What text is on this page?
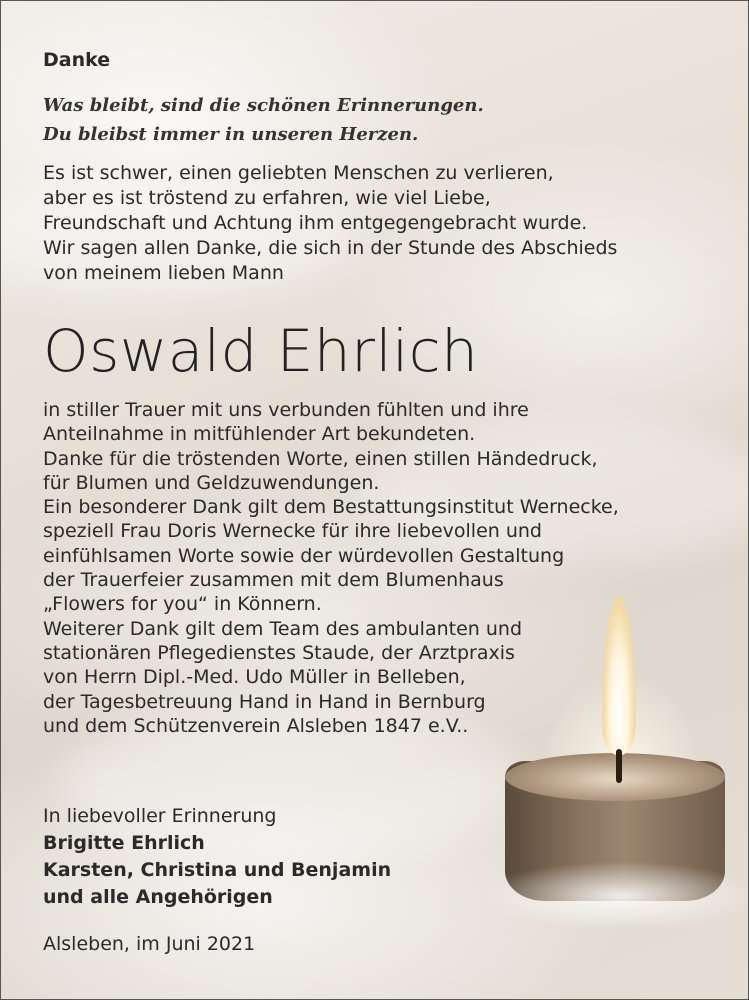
Danke
Was bleibt, sind die schönen Erinnerungen.
Du bleibst immer in unseren Herzen.
Es ist schwer, einen geliebten Menschen zu verlieren,
aber es ist tröstend zu erfahren, wie viel Liebe,
Freundschaft und Achtung ihm entgegengebracht wurde.
Wir sagen allen Danke, die sich in der Stunde des Abschieds
von meinem lieben Mann
Oswald Ehrlich
in stiller Trauer mit uns verbunden fühlten und ihre
Anteilnahme in mitfühlender Art bekundeten.
Danke für die tröstenden Worte, einen stillen Händedruck,
für Blumen und Geldzuwendungen.
Ein besonderer Dank gilt dem Bestattungsinstitut Wernecke,
speziell Frau Doris Wernecke für ihre liebevollen und
einfühlsamen Worte sowie der würdevollen Gestaltung
der Trauerfeier zusammen mit dem Blumenhaus
„Flowers for you“ in Könnern.
Weiterer Dank gilt dem Team des ambulanten und
stationären Pflegedienstes Staude, der Arztpraxis
von Herrn Dipl.-Med. Udo Müller in Belleben,
der Tagesbetreuung Hand in Hand in Bernburg
und dem Schützenverein Alsleben 1847 e.V..
In liebevoller Erinnerung
Brigitte Ehrlich
Karsten, Christina und Benjamin
und alle Angehörigen
Alsleben, im Juni 2021
